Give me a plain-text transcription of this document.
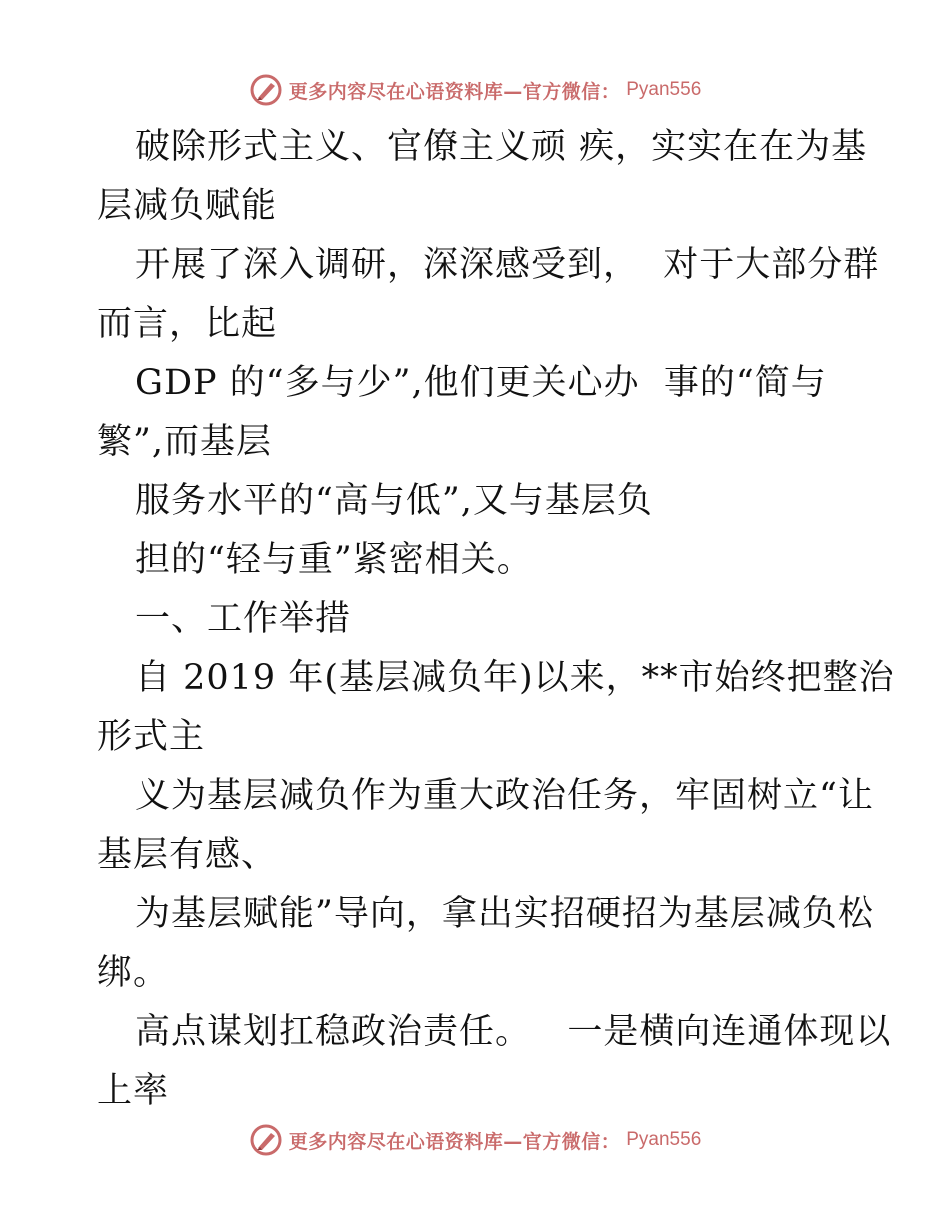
更多内容尽在心语资料库—官方微信： Pyan556
破除形式主义、官僚主义顽 疾，实实在在为基
层减负赋能
开展了深入调研，深深感受到，  对于大部分群
而言，比起
GDP 的“多与少”,他们更关心办  事的“简与
繁”,而基层
服务水平的“高与低”,又与基层负
担的“轻与重”紧密相关。
一、工作举措
自 2019 年(基层减负年)以来，**市始终把整治
形式主
义为基层减负作为重大政治任务，牢固树立“让
基层有感、
为基层赋能”导向，拿出实招硬招为基层减负松
绑。
高点谋划扛稳政治责任。   一是横向连通体现以
上率
更多内容尽在心语资料库—官方微信： Pyan556
